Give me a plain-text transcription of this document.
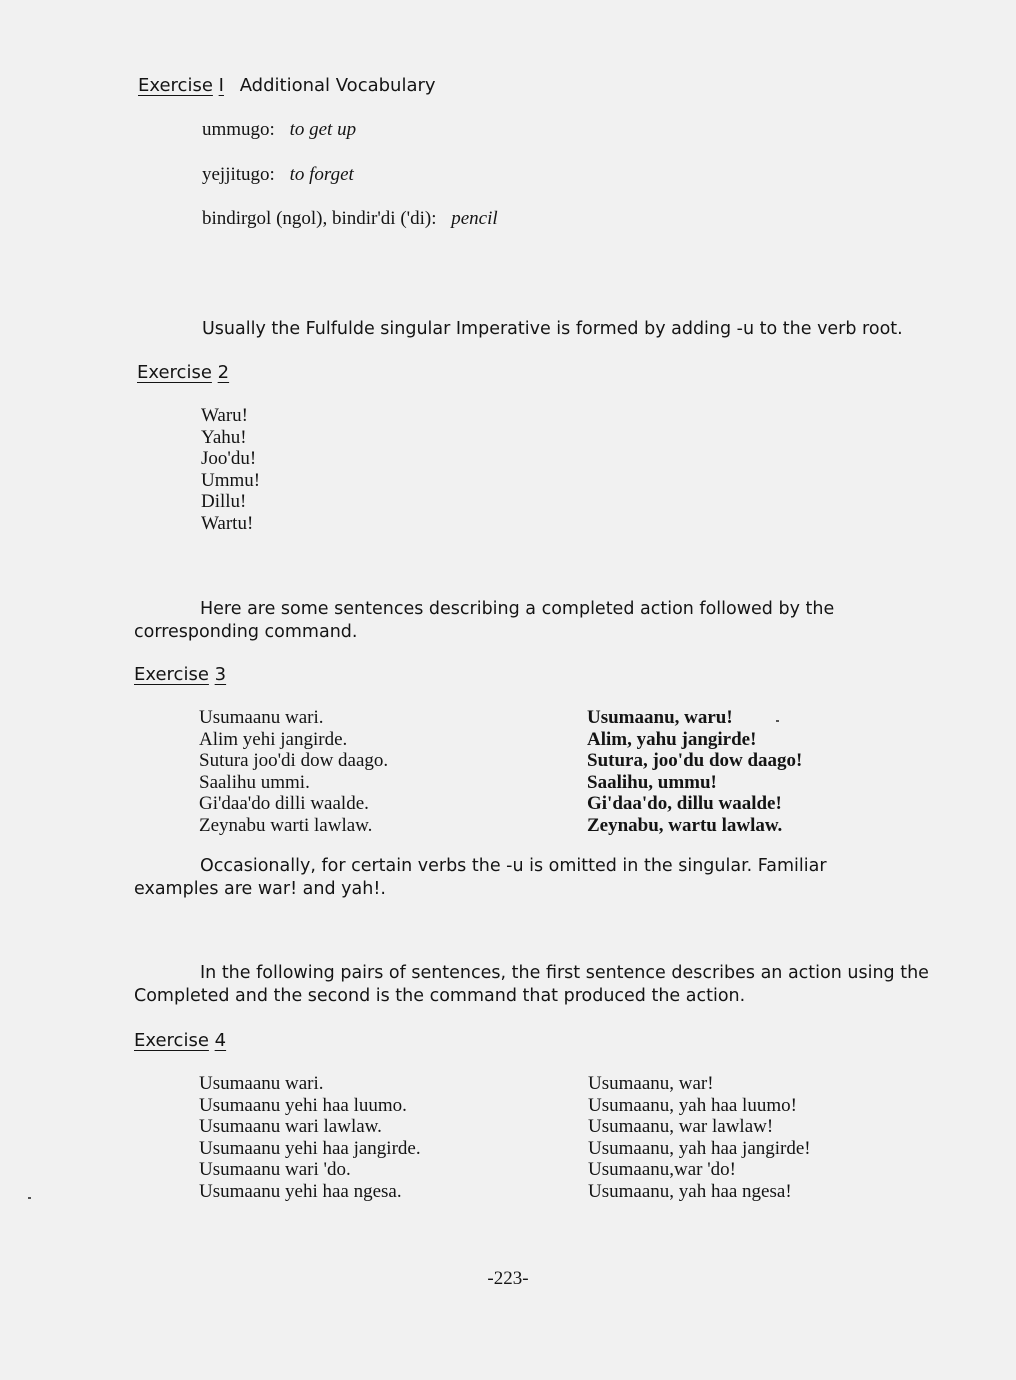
Exercise I Additional Vocabulary
ummugo: to get up
yejjitugo: to forget
bindirgol (ngol), bindir'di ('di): pencil
Usually the Fulfulde singular Imperative is formed by adding -u to the verb root.
Exercise 2
Waru!
Yahu!
Joo'du!
Ummu!
Dillu!
Wartu!
Here are some sentences describing a completed action followed by the corresponding command.
Exercise 3
Usumaanu wari.
Alim yehi jangirde.
Sutura joo'di dow daago.
Saalihu ummi.
Gi'daa'do dilli waalde.
Zeynabu warti lawlaw.
Usumaanu, waru!
Alim, yahu jangirde!
Sutura, joo'du dow daago!
Saalihu, ummu!
Gi'daa'do, dillu waalde!
Zeynabu, wartu lawlaw.
Occasionally, for certain verbs the -u is omitted in the singular. Familiar examples are war! and yah!.
In the following pairs of sentences, the first sentence describes an action using the Completed and the second is the command that produced the action.
Exercise 4
Usumaanu wari.
Usumaanu yehi haa luumo.
Usumaanu wari lawlaw.
Usumaanu yehi haa jangirde.
Usumaanu wari 'do.
Usumaanu yehi haa ngesa.
Usumaanu, war!
Usumaanu, yah haa luumo!
Usumaanu, war lawlaw!
Usumaanu, yah haa jangirde!
Usumaanu,war 'do!
Usumaanu, yah haa ngesa!
-223-
